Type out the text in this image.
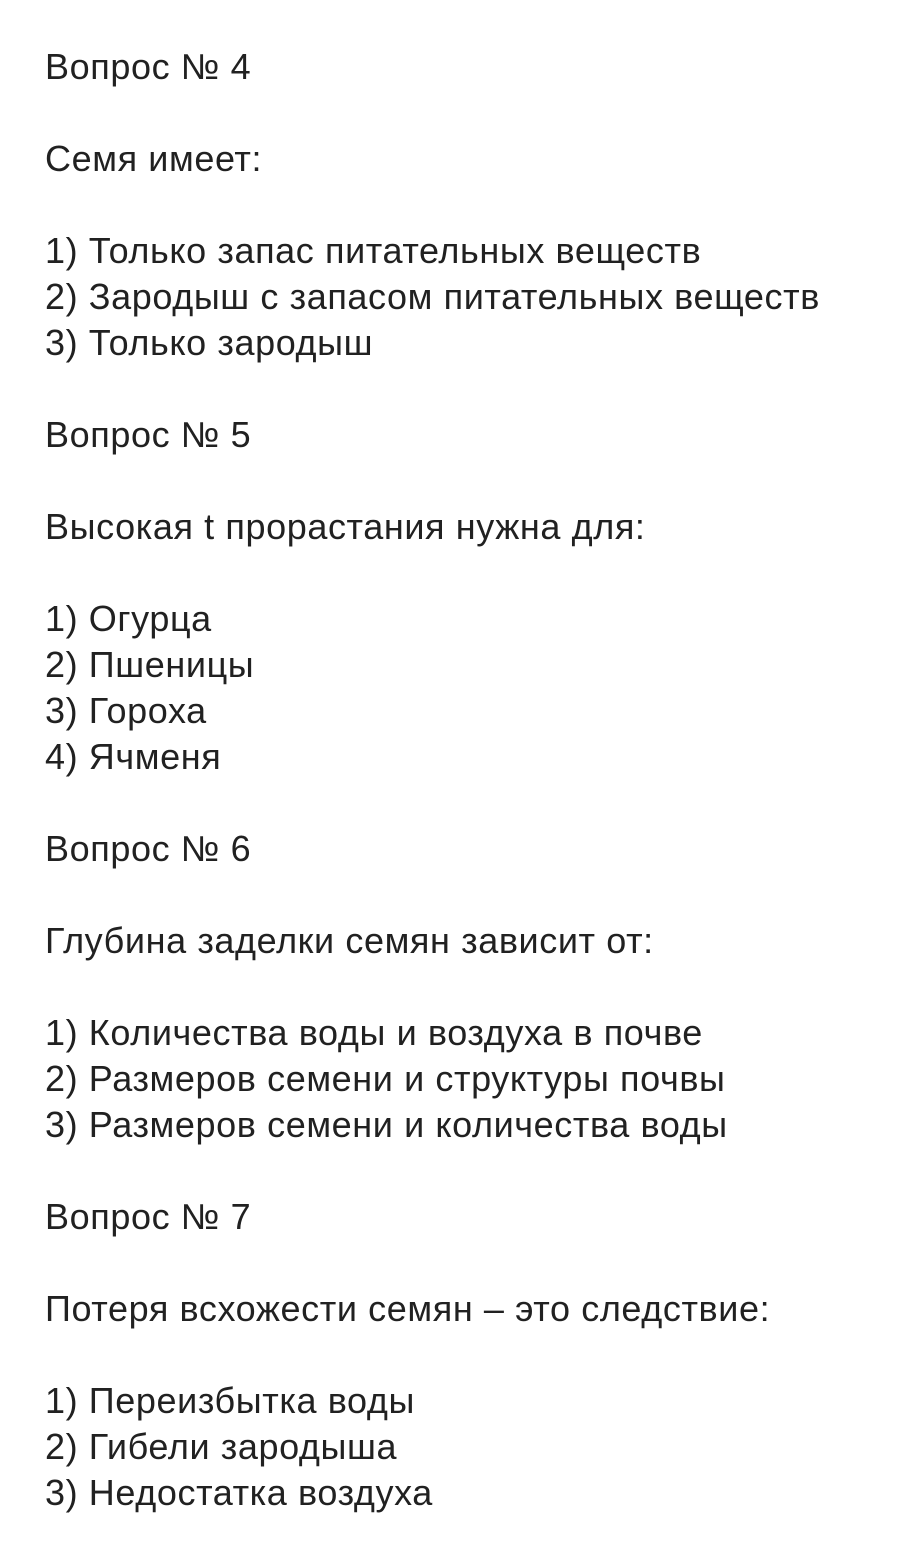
Вопрос № 4
Семя имеет:
1) Только запас питательных веществ
2) Зародыш с запасом питательных веществ
3) Только зародыш
Вопрос № 5
Высокая t прорастания нужна для:
1) Огурца
2) Пшеницы
3) Гороха
4) Ячменя
Вопрос № 6
Глубина заделки семян зависит от:
1) Количества воды и воздуха в почве
2) Размеров семени и структуры почвы
3) Размеров семени и количества воды
Вопрос № 7
Потеря всхожести семян – это следствие:
1) Переизбытка воды
2) Гибели зародыша
3) Недостатка воздуха
